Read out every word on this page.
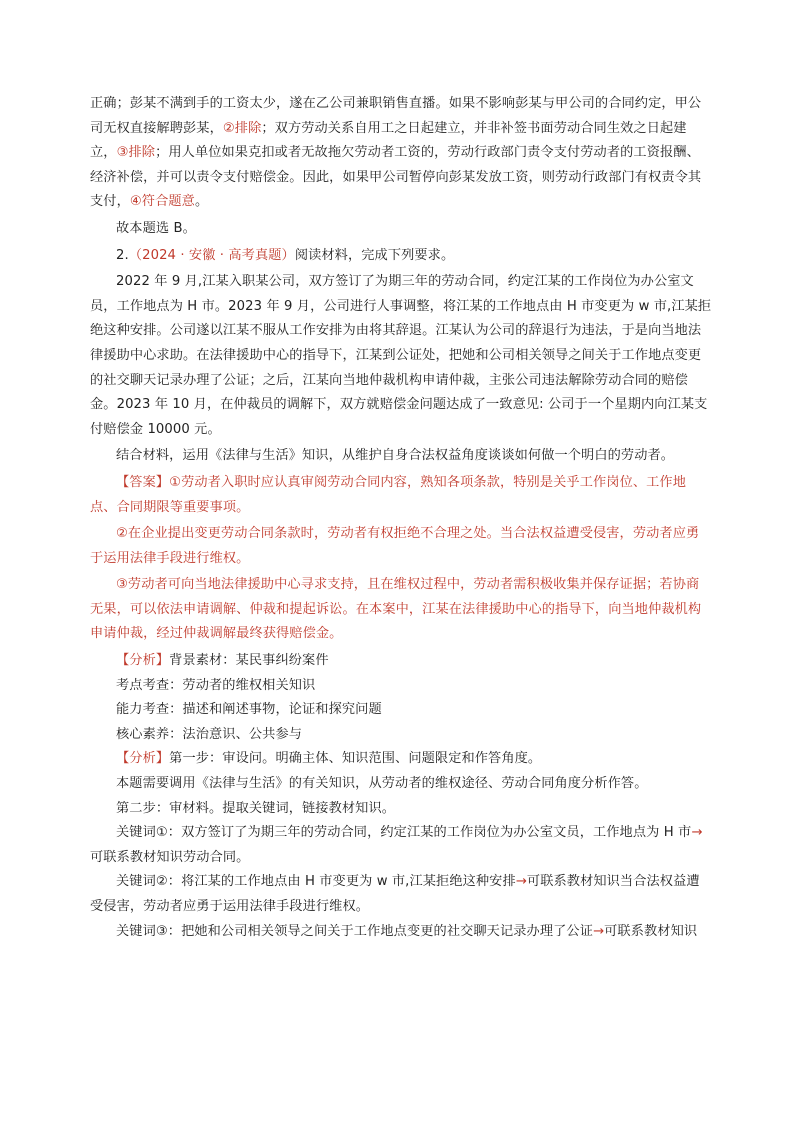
正确；彭某不满到手的工资太少，遂在乙公司兼职销售直播。如果不影响彭某与甲公司的合同约定，甲公司无权直接解聘彭某，②排除；双方劳动关系自用工之日起建立，并非补签书面劳动合同生效之日起建立，③排除；用人单位如果克扣或者无故拖欠劳动者工资的，劳动行政部门责令支付劳动者的工资报酬、经济补偿，并可以责令支付赔偿金。因此，如果甲公司暂停向彭某发放工资，则劳动行政部门有权责令其支付，④符合题意。

故本题选 B。

2.（2024 · 安徽 · 高考真题）阅读材料，完成下列要求。

2022 年 9 月,江某入职某公司，双方签订了为期三年的劳动合同，约定江某的工作岗位为办公室文员，工作地点为 H 市。2023 年 9 月，公司进行人事调整，将江某的工作地点由 H 市变更为 w 市,江某拒绝这种安排。公司遂以江某不服从工作安排为由将其辞退。江某认为公司的辞退行为违法，于是向当地法律援助中心求助。在法律援助中心的指导下，江某到公证处，把她和公司相关领导之间关于工作地点变更的社交聊天记录办理了公证；之后，江某向当地仲裁机构申请仲裁，主张公司违法解除劳动合同的赔偿金。2023 年 10 月，在仲裁员的调解下，双方就赔偿金问题达成了一致意见: 公司于一个星期内向江某支付赔偿金 10000 元。

结合材料，运用《法律与生活》知识，从维护自身合法权益角度谈谈如何做一个明白的劳动者。

【答案】①劳动者入职时应认真审阅劳动合同内容，熟知各项条款，特别是关乎工作岗位、工作地点、合同期限等重要事项。

②在企业提出变更劳动合同条款时，劳动者有权拒绝不合理之处。当合法权益遭受侵害，劳动者应勇于运用法律手段进行维权。

③劳动者可向当地法律援助中心寻求支持，且在维权过程中，劳动者需积极收集并保存证据；若协商无果，可以依法申请调解、仲裁和提起诉讼。在本案中，江某在法律援助中心的指导下，向当地仲裁机构申请仲裁，经过仲裁调解最终获得赔偿金。

【分析】背景素材：某民事纠纷案件

考点考查：劳动者的维权相关知识

能力考查：描述和阐述事物，论证和探究问题

核心素养：法治意识、公共参与

【分析】第一步：审设问。明确主体、知识范围、问题限定和作答角度。

本题需要调用《法律与生活》的有关知识，从劳动者的维权途径、劳动合同角度分析作答。

第二步：审材料。提取关键词，链接教材知识。

关键词①：双方签订了为期三年的劳动合同，约定江某的工作岗位为办公室文员，工作地点为 H 市→可联系教材知识劳动合同。

关键词②：将江某的工作地点由 H 市变更为 w 市,江某拒绝这种安排→可联系教材知识当合法权益遭受侵害，劳动者应勇于运用法律手段进行维权。

关键词③：把她和公司相关领导之间关于工作地点变更的社交聊天记录办理了公证→可联系教材知识
